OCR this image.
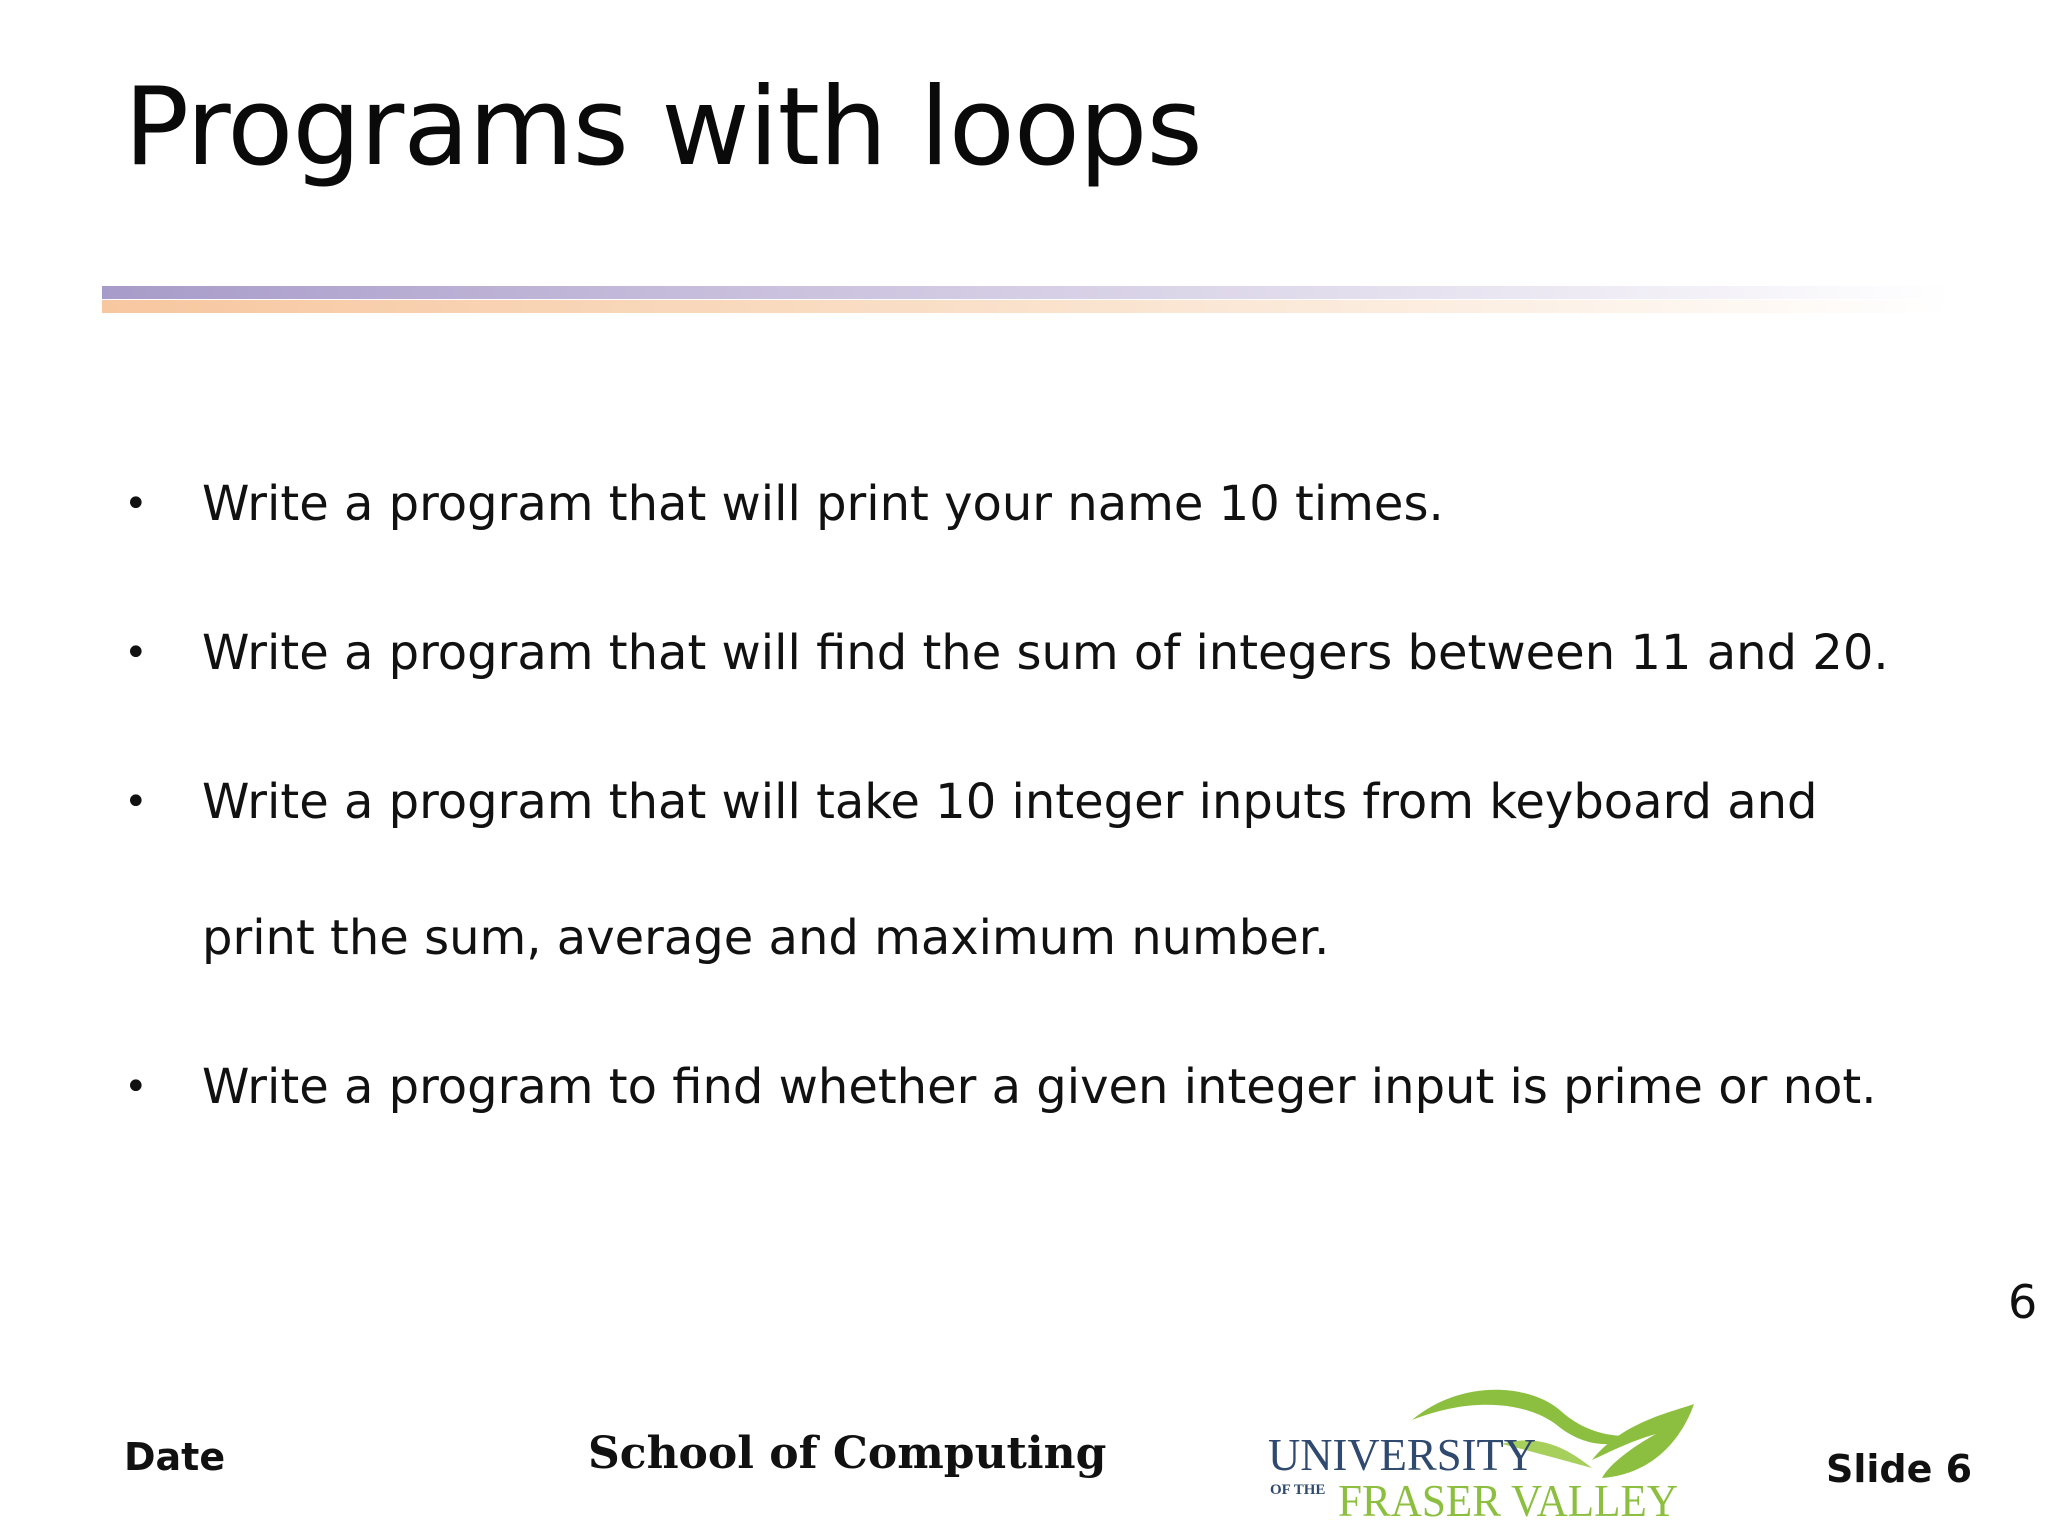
Programs with loops
• Write a program that will print your name 10 times.
• Write a program that will find the sum of integers between 11 and 20.
• Write a program that will take 10 integer inputs from keyboard and print the sum, average and maximum number.
• Write a program to find whether a given integer input is prime or not.
6
Date	School of Computing	UNIVERSITY
OF THE FRASER VALLEY
Slide 6
